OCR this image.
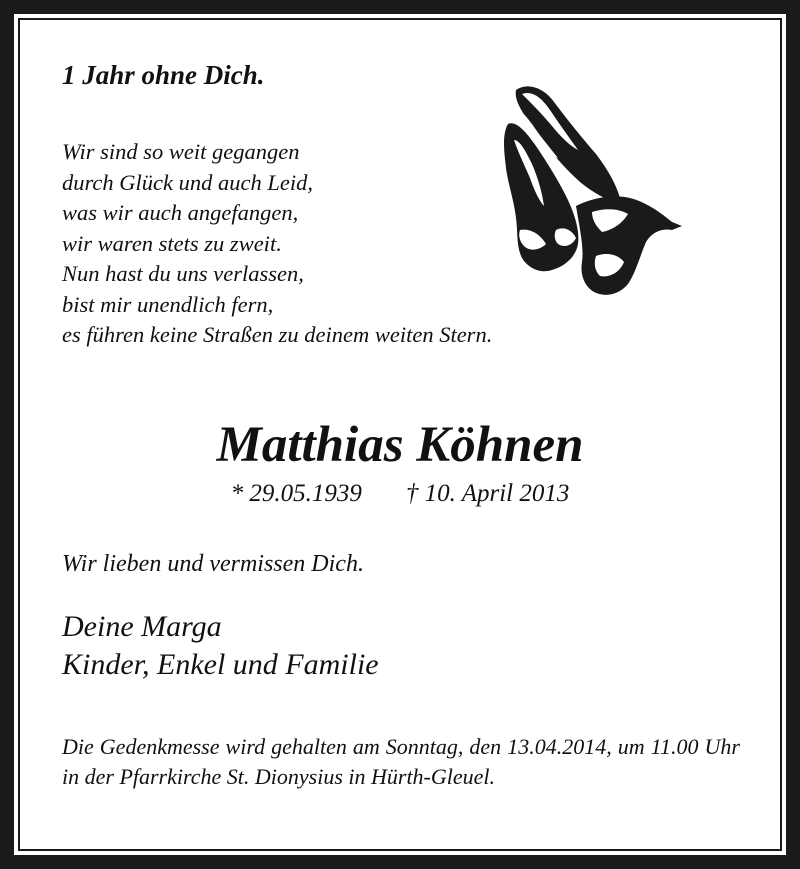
1 Jahr ohne Dich.
Wir sind so weit gegangen
durch Glück und auch Leid,
was wir auch angefangen,
wir waren stets zu zweit.
Nun hast du uns verlassen,
bist mir unendlich fern,
es führen keine Straßen zu deinem weiten Stern.
Matthias Köhnen
* 29.05.1939 † 10. April 2013
Wir lieben und vermissen Dich.
Deine Marga
Kinder, Enkel und Familie
Die Gedenkmesse wird gehalten am Sonntag, den 13.04.2014, um 11.00 Uhr in der Pfarrkirche St. Dionysius in Hürth-Gleuel.
